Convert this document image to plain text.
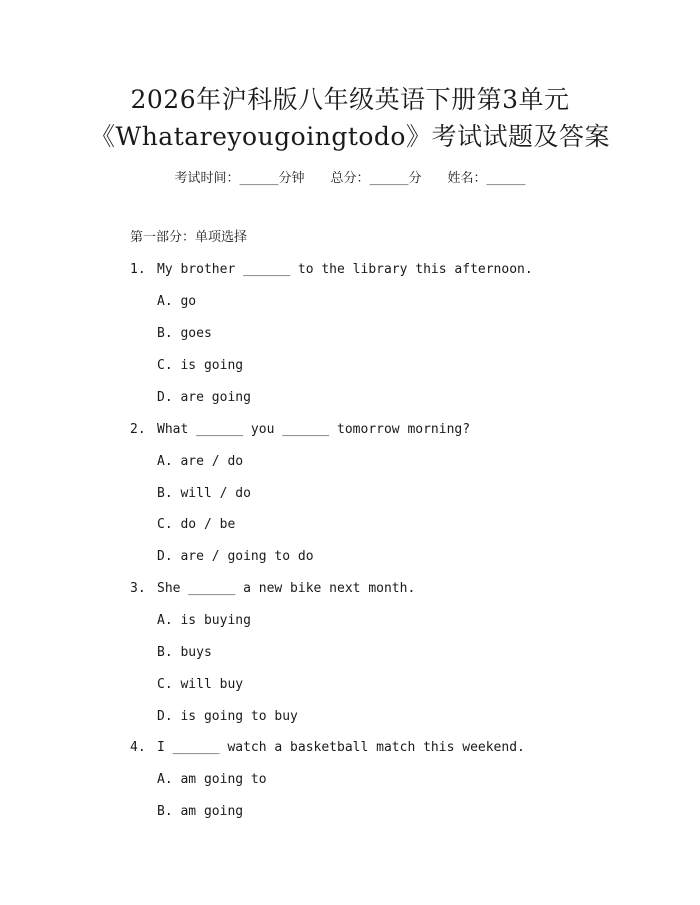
2026年沪科版八年级英语下册第3单元
《Whatareyougoingtodo》考试试题及答案
考试时间：______分钟 总分：______分 姓名：______
第一部分：单项选择
1. My brother ______ to the library this afternoon.
A. go
B. goes
C. is going
D. are going
2. What ______ you ______ tomorrow morning?
A. are / do
B. will / do
C. do / be
D. are / going to do
3. She ______ a new bike next month.
A. is buying
B. buys
C. will buy
D. is going to buy
4. I ______ watch a basketball match this weekend.
A. am going to
B. am going
